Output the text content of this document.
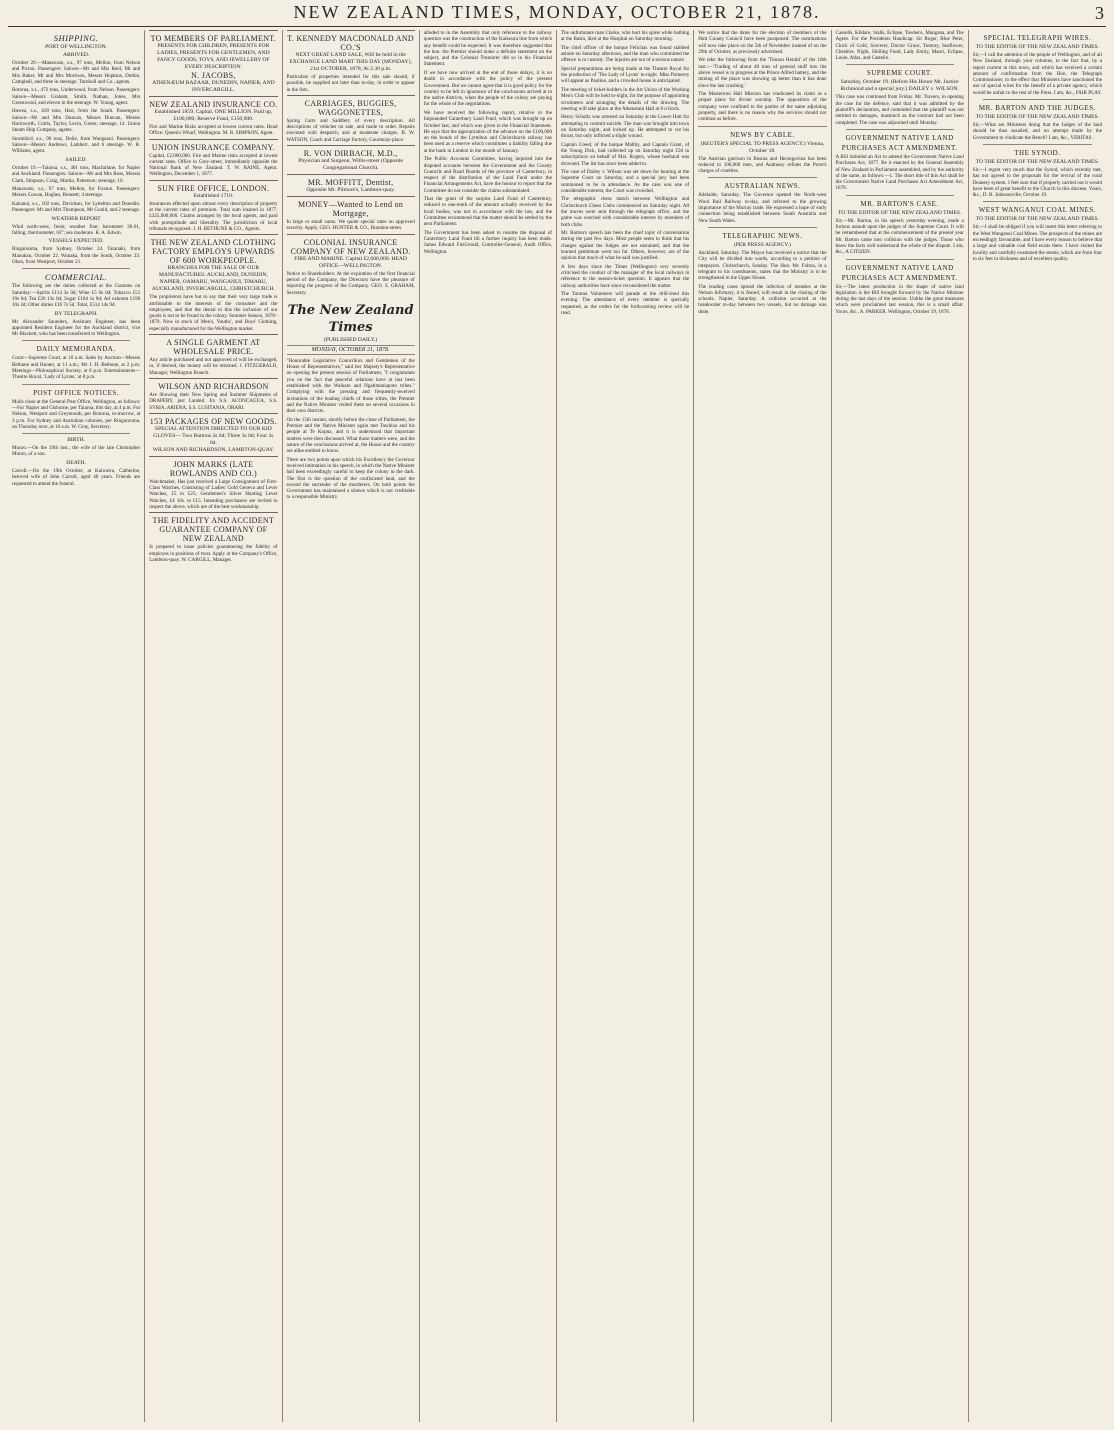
NEW ZEALAND TIMES, MONDAY, OCTOBER 21, 1878.	3
SHIPPING.
PORT OF WELLINGTON.
ARRIVED.

October 20.—Manawatu, s.s., 97 tons, Mellon, from Nelson and Picton. Passengers: Saloon—Mr and Mrs Reid, Mr and Mrs Baker, Mr and Mrs Morrison, Messrs Hopkins, Duthie, Campbell, and three in steerage. Turnbull and Co., agents.

Rotorua, s.s., 472 tons, Underwood, from Nelson. Passengers: Saloon—Messrs Graham, Smith, Nathan, Jones, Mrs Greenwood, and eleven in the steerage. W. Young, agent.

Hawea, s.s., 418 tons, Hart, from the South. Passengers: Saloon—Mr and Mrs Duncan, Misses Duncan, Messrs Hackworth, Curtis, Taylor, Levin, Green; steerage, 14. Union Steam Ship Company, agents.

Stormbird, s.s., 90 tons, Doile, from Wanganui. Passengers: Saloon—Messrs Andrews, Lambert, and 6 steerage. W. R. Williams, agent.

SAILED.

October 19.—Taiaroa, s.s., 401 tons, Macfarlane, for Napier and Auckland. Passengers: Saloon—Mr and Mrs Ross, Messrs Clark, Simpson, Craig, Martin, Patterson; steerage, 10.

Manawatu, s.s., 97 tons, Mellon, for Foxton. Passengers: Messrs Cowan, Hughes, Bennett; 4 steerage.

Kakanui, s.s., 102 tons, Davidson, for Lyttelton and Dunedin. Passengers: Mr and Mrs Thompson, Mr Gould, and 2 steerage.

WEATHER REPORT

Wind north-west, fresh; weather fine; barometer 30·01, falling; thermometer, 63°; sea moderate. R. A. Edwin.

VESSELS EXPECTED.

Ringarooma, from Sydney, October 24. Taranaki, from Manukau, October 22. Wanaka, from the South, October 23. Ohau, from Westport, October 21.

COMMERCIAL.

The following are the duties collected at the Customs on Saturday:—Spirits £114 3s 0d; Wine £5 0s 0d; Tobacco £51 19s 6d; Tea £26 13s 0d; Sugar £104 1s 8d; Ad valorem £196 10s 2d; Other duties £16 7s 5d. Total, £514 14s 9d.

BY TELEGRAPH.

Mr Alexander Saunders, Assistant Engineer, has been appointed Resident Engineer for the Auckland district, vice Mr Blackett, who has been transferred to Wellington.

DAILY MEMORANDA.

Court—Supreme Court, at 10 a.m. Sales by Auction—Messrs Bethune and Hunter, at 11 a.m.; Mr J. H. Bethune, at 2 p.m. Meetings—Philosophical Society, at 8 p.m. Entertainments—Theatre Royal, 'Lady of Lyons,' at 8 p.m.

POST OFFICE NOTICES.

Mails close at the General Post Office, Wellington, as follows:—For Napier and Gisborne, per Taiaroa, this day, at 4 p.m. For Nelson, Westport and Greymouth, per Rotorua, to-morrow, at 3 p.m. For Sydney and Australian colonies, per Ringarooma, on Thursday next, at 10 a.m. W. Gray, Secretary.

BIRTH.

Munro.—On the 19th inst., the wife of the late Christopher Munro, of a son.

DEATH.

Carroll.—On the 19th October, at Kaiwarra, Catherine, beloved wife of John Carroll, aged 48 years. Friends are requested to attend the funeral.

TO MEMBERS OF PARLIAMENT.
PRESENTS FOR CHILDREN, PRESENTS FOR LADIES, PRESENTS FOR GENTLEMEN, AND FANCY GOODS, TOYS, AND JEWELLERY OF EVERY DESCRIPTION.
N. JACOBS,
ATHENÆUM BAZAAR, DUNEDIN, NAPIER, AND INVERCARGILL.
NEW ZEALAND INSURANCE CO.
Established 1859. Capital, ONE MILLION. Paid up, £100,000; Reserve Fund, £150,000.
Fire and Marine Risks accepted at lowest current rates. Head Office: Queen's Wharf, Wellington. M. R. SIMPSON, Agent.
UNION INSURANCE COMPANY.
Capital, £2,000,000. Fire and Marine risks accepted at lowest current rates. Office in Grey-street, immediately opposite the National Bank of New Zealand. T. W. RAINE, Agent. Wellington, December 1, 1877.
SUN FIRE OFFICE, LONDON.
Established 1710.
Insurances effected upon almost every description of property at the current rates of premium. Total sum insured in 1877, £325,000,000. Claims arranged by the local agents, and paid with promptitude and liberality. The jurisdiction of local tribunals recognised. J. H. BETHUNE & CO., Agents.
THE NEW ZEALAND CLOTHING FACTORY EMPLOYS UPWARDS OF 600 WORKPEOPLE.
BRANCHES FOR THE SALE OF OUR MANUFACTURES: AUCKLAND, DUNEDIN, NAPIER, OAMARU, WANGANUI, TIMARU, AUCKLAND, INVERCARGILL, CHRISTCHURCH.
The proprietors have but to say that their very large trade is attributable to the interests of the consumer and the employees, and that the denial to this the inclusion of our goods is not to be found in the colony. Summer Season, 1878–1879. Now in stock of Men's, Youths', and Boys' Clothing, especially manufactured for the Wellington market.
A SINGLE GARMENT AT WHOLESALE PRICE.
Any article purchased and not approved of will be exchanged, or, if desired, the money will be returned. J. FITZGERALD, Manager, Wellington Branch.
WILSON AND RICHARDSON
Are Showing their New Spring and Summer Shipments of DRAPERY, just Landed. Ex S.S. ACONCAGUA, S.S. SYRIA, ARIENA, S.S. LUSITANIA, ORARI.
153 PACKAGES OF NEW GOODS.
SPECIAL ATTENTION DIRECTED TO OUR KID GLOVES— Two Buttons 2s 6d; Three 3s 0d; Four 3s 6d.
WILSON AND RICHARDSON, LAMBTON-QUAY.
JOHN MARKS (LATE ROWLANDS AND CO.)
Watchmaker, Has just received a Large Consignment of First-Class Watches, Consisting of Ladies' Gold Geneva and Lever Watches, £5 to £25; Gentlemen's Silver Hunting Lever Watches, £4 10s. to £15. Intending purchasers are invited to inspect the above, which are of the best workmanship.
THE FIDELITY AND ACCIDENT GUARANTEE COMPANY OF NEW ZEALAND
Is prepared to issue policies guaranteeing the fidelity of employes in positions of trust. Apply at the Company's Office, Lambton-quay. W. CARGILL, Manager.
T. KENNEDY MACDONALD AND CO.'S
NEXT GREAT LAND SALE, Will be held in the EXCHANGE LAND MART THIS DAY (MONDAY), 21st OCTOBER, 1878, At 2.30 p.m.
Particulars of properties intended for this sale should, if possible, be supplied not later than to-day, in order to appear in the lists.
CARRIAGES, BUGGIES, WAGGONETTES,
Spring Carts and Saddlery of every description. All descriptions of vehicles on sale, and made to order. Repairs executed with despatch, and at moderate charges. B. W. WATSON, Coach and Carriage Factory, Courtenay-place.
R. VON DIRBACH, M.D.,
Physician and Surgeon, Willis-street (Opposite Congregational Church).
MR. MOFFITT, Dentist,
Opposite Mr. Pilmore's, Lambton-quay.
MONEY—Wanted to Lend on Mortgage,
In large or small sums. We quote special rates on approved security. Apply, GEO. HUNTER & CO., Brandon-street.
COLONIAL INSURANCE COMPANY OF NEW ZEALAND.
FIRE AND MARINE. Capital £2,000,000. HEAD OFFICE—WELLINGTON.
Notice to Shareholders: At the expiration of the first financial period of the Company, the Directors have the pleasure of reporting the progress of the Company. GEO. S. GRAHAM, Secretary.
The New Zealand Times
(PUBLISHED DAILY.)
MONDAY, OCTOBER 21, 1878.

"Honorable Legislative Councillors and Gentlemen of the House of Representatives," said her Majesty's Representative on opening the present session of Parliament, "I congratulate you on the fact that peaceful relations have at last been established with the Waikato and Ngatimaniapoto tribes." Complying with the pressing and frequently-received invitations of the leading chiefs of those tribes, the Premier and the Native Minister visited them on several occasions in their own districts.

On the 15th instant, shortly before the close of Parliament, the Premier and the Native Minister again met Tawhiao and his people at Te Kopua, and it is understood that important matters were then discussed. What those matters were, and the nature of the conclusions arrived at, the House and the country are alike entitled to know.

There are two points upon which his Excellency the Governor received intimation in his speech, in which the Native Minister had been exceedingly careful to keep the colony in the dark. The first is the question of the confiscated land, and the second the surrender of the murderers. On both points the Government has maintained a silence which is not creditable to a responsible Ministry.

alluded to in the Assembly that only reference to the railway question was the construction of the Kaikoura line from which any benefit could be expected. It was therefore suggested that the hon. the Premier should make a definite statement on the subject, and the Colonial Treasurer did so in his Financial Statement.

If we have now arrived at the end of those delays, it is no doubt in accordance with the policy of the present Government. But we cannot agree that it is good policy for the country to be left in ignorance of the conclusions arrived at in the native districts, when the people of the colony are paying for the whole of the negotiations.

We have received the following report, relative to the Impounded Canterbury Land Fund, which was brought up on October last, and which was given in the Financial Statement. He says that the appropriation of the advance on the £100,000 on the bonds of the Lyttelton and Christchurch railway has been used as a reserve which constitutes a liability falling due at the bank in London in the month of January.

The Public Accounts Committee, having inquired into the disputed accounts between the Government and the County Councils and Road Boards of the province of Canterbury, in respect of the distribution of the Land Fund under the Financial Arrangements Act, have the honour to report that the Committee do not consider the claims substantiated.

That the grant of the surplus Land Fund of Canterbury, reduced to one-tenth of the amount actually received by the local bodies, was not in accordance with the law, and the Committee recommend that the matter should be settled by the next Parliament.

The Government has been asked to resume the disposal of Canterbury Land Fund till a further inquiry has been made. James Edward FitzGerald, Controller-General, Audit Office, Wellington.

The unfortunate man Clarke, who hurt his spine while bathing at the Basin, died at the Hospital on Saturday morning.

The chief officer of the barque Felicitas was found stabbed ashore on Saturday afternoon, and the man who committed the offence is in custody. The injuries are not of a serious nature.

Special preparations are being made at the Theatre Royal for the production of 'The Lady of Lyons' to-night. Miss Pomeroy will appear as Pauline, and a crowded house is anticipated.

The meeting of ticket-holders in the Art Union of the Working Men's Club will be held to-night, for the purpose of appointing scrutineers and arranging the details of the drawing. The meeting will take place at the Athenæum Hall at 8 o'clock.

Henry Schultz was arrested on Saturday at the Lower Hutt for attempting to commit suicide. The man was brought into town on Saturday night, and locked up. He attempted to cut his throat, but only inflicted a slight wound.

Captain Creed, of the barque Maltby, and Captain Grant, of the Young Dick, had collected up on Saturday night £30 in subscriptions on behalf of Mrs. Rogers, whose husband was drowned. The list has since been added to.

The case of Dailey v. Wilson was set down for hearing at the Supreme Court on Saturday, and a special jury had been summoned to be in attendance. As the case was one of considerable interest, the Court was crowded.

The telegraphic chess match between Wellington and Christchurch Chess Clubs commenced on Saturday night. All the moves were sent through the telegraph office, and the game was watched with considerable interest by members of both clubs.

Mr. Barton's speech has been the chief topic of conversation during the past few days. Most people seem to think that his charges against the Judges are not sustained, and that the learned gentleman went too far. Others, however, are of the opinion that much of what he said was justified.

A few days since the Times (Wellington) very severely criticised the conduct of the manager of the local railways in reference to the season-ticket question. It appears that the railway authorities have since reconsidered the matter.

The Tararua Volunteers will parade at the drill-shed this evening. The attendance of every member is specially requested, as the orders for the forthcoming review will be read.

We notice that the dates for the election of members of the Hutt County Council have been postponed. The nominations will now take place on the 5th of November instead of on the 29th of October, as previously advertised.

We take the following from the 'Timaru Herald' of the 18th inst.:—'Trading of about 40 tons of general stuff into the above vessel is in progress at the Prince Alfred battery, and the mining of the place was showing up better than it has done since the last crushing.'

The Mastertoni Hall Mission has vindicated its claim as a proper place for divine worship. The opposition of the company were confined to the parties of the same adjoining property, and there is no reason why the services should not continue as before.

NEWS BY CABLE.
(REUTER'S SPECIAL TO PRESS AGENCY.) Vienna, October 18.

The Austrian garrison in Bosnia and Herzegovina has been reduced to 100,000 men, and Andrassy refutes the Porte's charges of cruelties.

AUSTRALIAN NEWS.

Adelaide, Saturday. The Governor opened the North-west Wool Rail Railway to-day, and referred to the growing importance of the Murray trade. He expressed a hope of early connection being established between South Australia and New South Wales.

TELEGRAPHIC NEWS.
(PER PRESS AGENCY.)

Auckland, Saturday. The Mayor has received a notice that the City will be divided into wards, according to a petition of ratepayers. Christchurch, Sunday. The Hon. Mr. Fulton, in a telegram to his constituents, states that the Ministry is to be strengthened in the Upper House.

The leading cases spread the infection of measles at the Nelson Infirmary, it is feared, will result in the closing of the schools. Napier, Saturday. A collision occurred at the breakwater to-day between two vessels, but no damage was done.

Cassells, Kildare, Stalls, Eclipse, Tawhero, Mangana, and The Agent. For the Presidents Handicap: Sir Roger, Blue Peter, Chick of Gold, Sorcerer, Doctor Grace, Tommy, Seaflower, Cheshire, Night, Shilling Fund, Lady Emily, Maori, Eclipse, Louie, Atlas, and Castello.

SUPREME COURT.
Saturday, October 19. (Before His Honor Mr. Justice Richmond and a special jury.) DAILEY v. WILSON.

This case was continued from Friday. Mr. Travers, in opening the case for the defence, said that it was admitted by the plaintiff's declaration, and contended that the plaintiff was not entitled to damages, inasmuch as the contract had not been completed. The case was adjourned until Monday.

GOVERNMENT NATIVE LAND PURCHASES ACT AMENDMENT.

A Bill intituled an Act to amend the Government Native Land Purchases Act, 1877. Be it enacted by the General Assembly of New Zealand in Parliament assembled, and by the authority of the same, as follows:—1. The short title of this Act shall be the Government Native Land Purchases Act Amendment Act, 1878.

MR. BARTON'S CASE.
TO THE EDITOR OF THE NEW ZEALAND TIMES.

Sir,—Mr. Barton, in his speech yesterday evening, made a furious assault upon the judges of the Supreme Court. It will be remembered that at the commencement of the present year Mr. Barton came into collision with the judges. Those who knew the facts well understand the whole of the dispute. I am, &c., A CITIZEN.

GOVERNMENT NATIVE LAND PURCHASES ACT AMENDMENT.

Sir,—The latest production in the shape of native land legislation is the Bill brought forward by the Native Minister during the last days of the session. Unlike the great measures which were proclaimed last session, this is a small affair. Yours, &c., A. PARKER. Wellington, October 19, 1878.

SPECIAL TELEGRAPH WIRES.
TO THE EDITOR OF THE NEW ZEALAND TIMES.

Sir,—I call the attention of the people of Wellington, and of all New Zealand, through your columns, to the fact that, by a report current in this town, and which has received a certain amount of confirmation from the Hon. the Telegraph Commissioner, to the effect that Ministers have sanctioned the use of special wires for the benefit of a private agency, which would be unfair to the rest of the Press. I am, &c., FAIR PLAY.

MR. BARTON AND THE JUDGES.
TO THE EDITOR OF THE NEW ZEALAND TIMES.

Sir,—What are Ministers doing that the Judges of the land should be thus assailed, and no attempt made by the Government to vindicate the Bench? I am, &c., VERITAS.

THE SYNOD.
TO THE EDITOR OF THE NEW ZEALAND TIMES.

Sir,—I regret very much that the Synod, which recently met, has not agreed to the proposals for the revival of the rural Deanery system. I feel sure that if properly carried out it would have been of great benefit to the Church in this diocese. Yours, &c., D. B. Johnsonville, October 19.

WEST WANGANUI COAL MINES.
TO THE EDITOR OF THE NEW ZEALAND TIMES.

Sir,—I shall be obliged if you will insert this letter referring to the West Wanganui Coal Mines. The prospects of the mines are exceedingly favourable, and I have every reason to believe that a large and valuable coal field exists there. I have visited the locality and carefully examined the seams, which are from four to six feet in thickness and of excellent quality.
